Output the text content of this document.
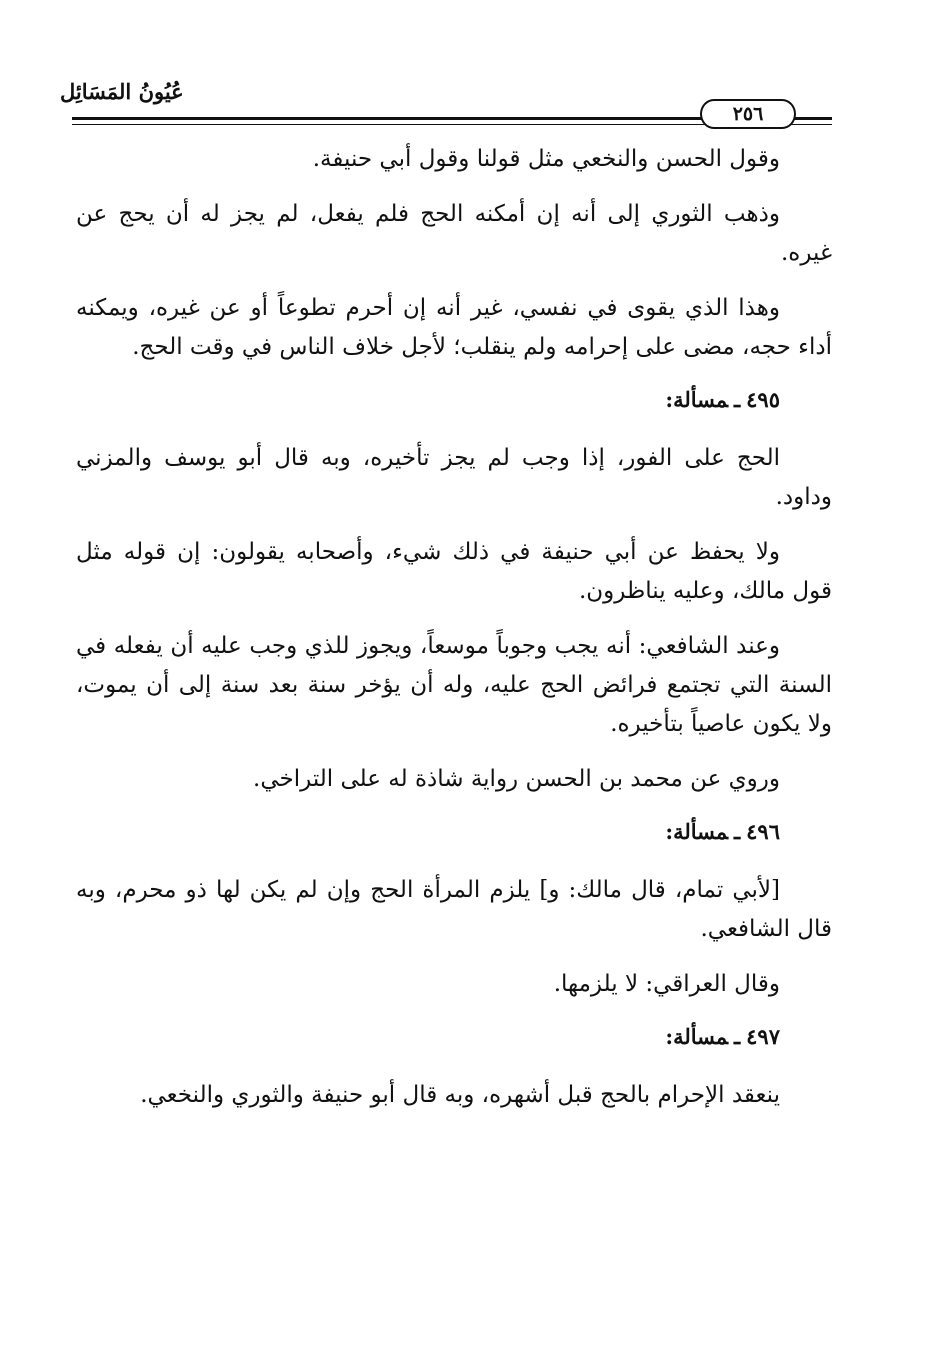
عُيُونُ المَسَائِل
٢٥٦

وقول الحسن والنخعي مثل قولنا وقول أبي حنيفة.

وذهب الثوري إلى أنه إن أمكنه الحج فلم يفعل، لم يجز له أن يحج عن غيره.

وهذا الذي يقوى في نفسي، غير أنه إن أحرم تطوعاً أو عن غيره، ويمكنه أداء حجه، مضى على إحرامه ولم ينقلب؛ لأجل خلاف الناس في وقت الحج.

٤٩٥ـمسألة:

الحج على الفور، إذا وجب لم يجز تأخيره، وبه قال أبو يوسف والمزني وداود.

ولا يحفظ عن أبي حنيفة في ذلك شيء، وأصحابه يقولون: إن قوله مثل قول مالك، وعليه يناظرون.

وعند الشافعي: أنه يجب وجوباً موسعاً، ويجوز للذي وجب عليه أن يفعله في السنة التي تجتمع فرائض الحج عليه، وله أن يؤخر سنة بعد سنة إلى أن يموت، ولا يكون عاصياً بتأخيره.

وروي عن محمد بن الحسن رواية شاذة له على التراخي.

٤٩٦ـمسألة:

[لأبي تمام، قال مالك: و] يلزم المرأة الحج وإن لم يكن لها ذو محرم، وبه قال الشافعي.

وقال العراقي: لا يلزمها.

٤٩٧ـمسألة:

ينعقد الإحرام بالحج قبل أشهره، وبه قال أبو حنيفة والثوري والنخعي.
